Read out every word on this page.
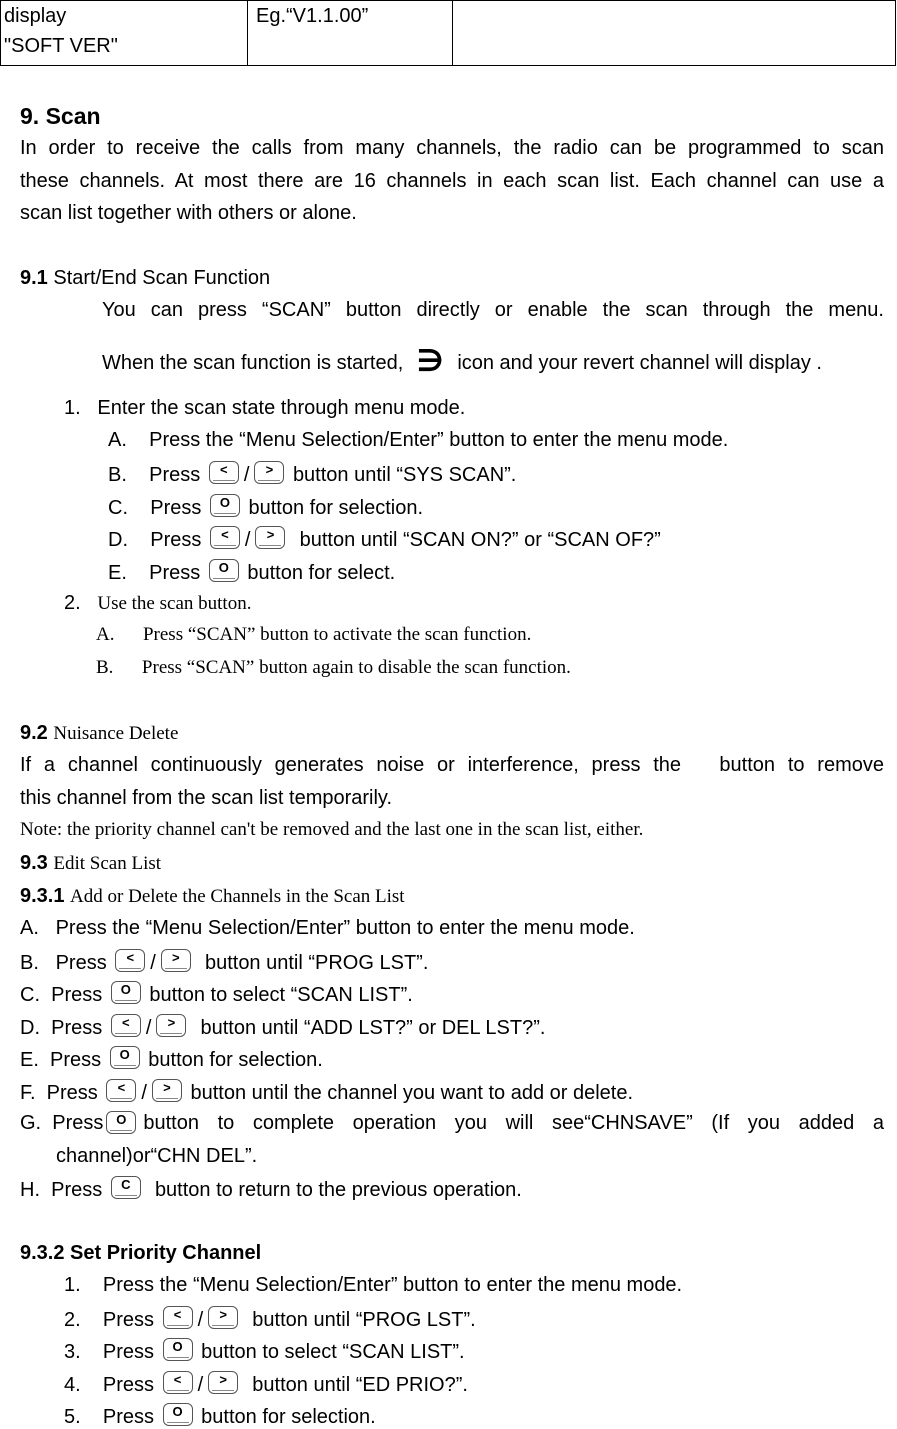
display
"SOFT VER"
	Eg.“V1.1.00”	
9. Scan
In order to receive the calls from many channels, the radio can be programmed to scan
these channels. At most there are 16 channels in each scan list. Each channel can use a
scan list together with others or alone.
9.1 Start/End Scan Function
You can press “SCAN” button directly or enable the scan through the menu.
When the scan function is started, ∋ icon and your revert channel will display .
1.   Enter the scan state through menu mode.
A.    Press the “Menu Selection/Enter” button to enter the menu mode.
B.    Press	< /	> button until “SYS SCAN”.
C.    Press	O button for selection.
D.    Press	< /	>	button until “SCAN ON?” or “SCAN OF?”
E.    Press	O button for select.
2. Use the scan button.
A.      Press “SCAN” button to activate the scan function.
B.      Press “SCAN” button again to disable the scan function.
9.2 Nuisance Delete
If a channel continuously generates noise or interference, press the   button to remove
this channel from the scan list temporarily.
Note: the priority channel can't be removed and the last one in the scan list, either.
9.3 Edit Scan List
9.3.1 Add or Delete the Channels in the Scan List
A.   Press the “Menu Selection/Enter” button to enter the menu mode.
B.   Press	< /	>	button until “PROG LST”.
C.  Press	O button to select “SCAN LIST”.
D.  Press	< /	>	button until “ADD LST?” or DEL LST?”.
E.  Press	O button for selection.
F.  Press	< /	> button until the channel you want to add or delete.
G.  Press O button to complete operation you will see“CHNSAVE” (If you added a
channel)or“CHN DEL”.
H.  Press	C	button to return to the previous operation.
9.3.2 Set Priority Channel
1.    Press the “Menu Selection/Enter” button to enter the menu mode.
2.    Press	< /	>	button until “PROG LST”.
3.    Press	O button to select “SCAN LIST”.
4.    Press	< /	>	button until “ED PRIO?”.
5.    Press	O button for selection.
